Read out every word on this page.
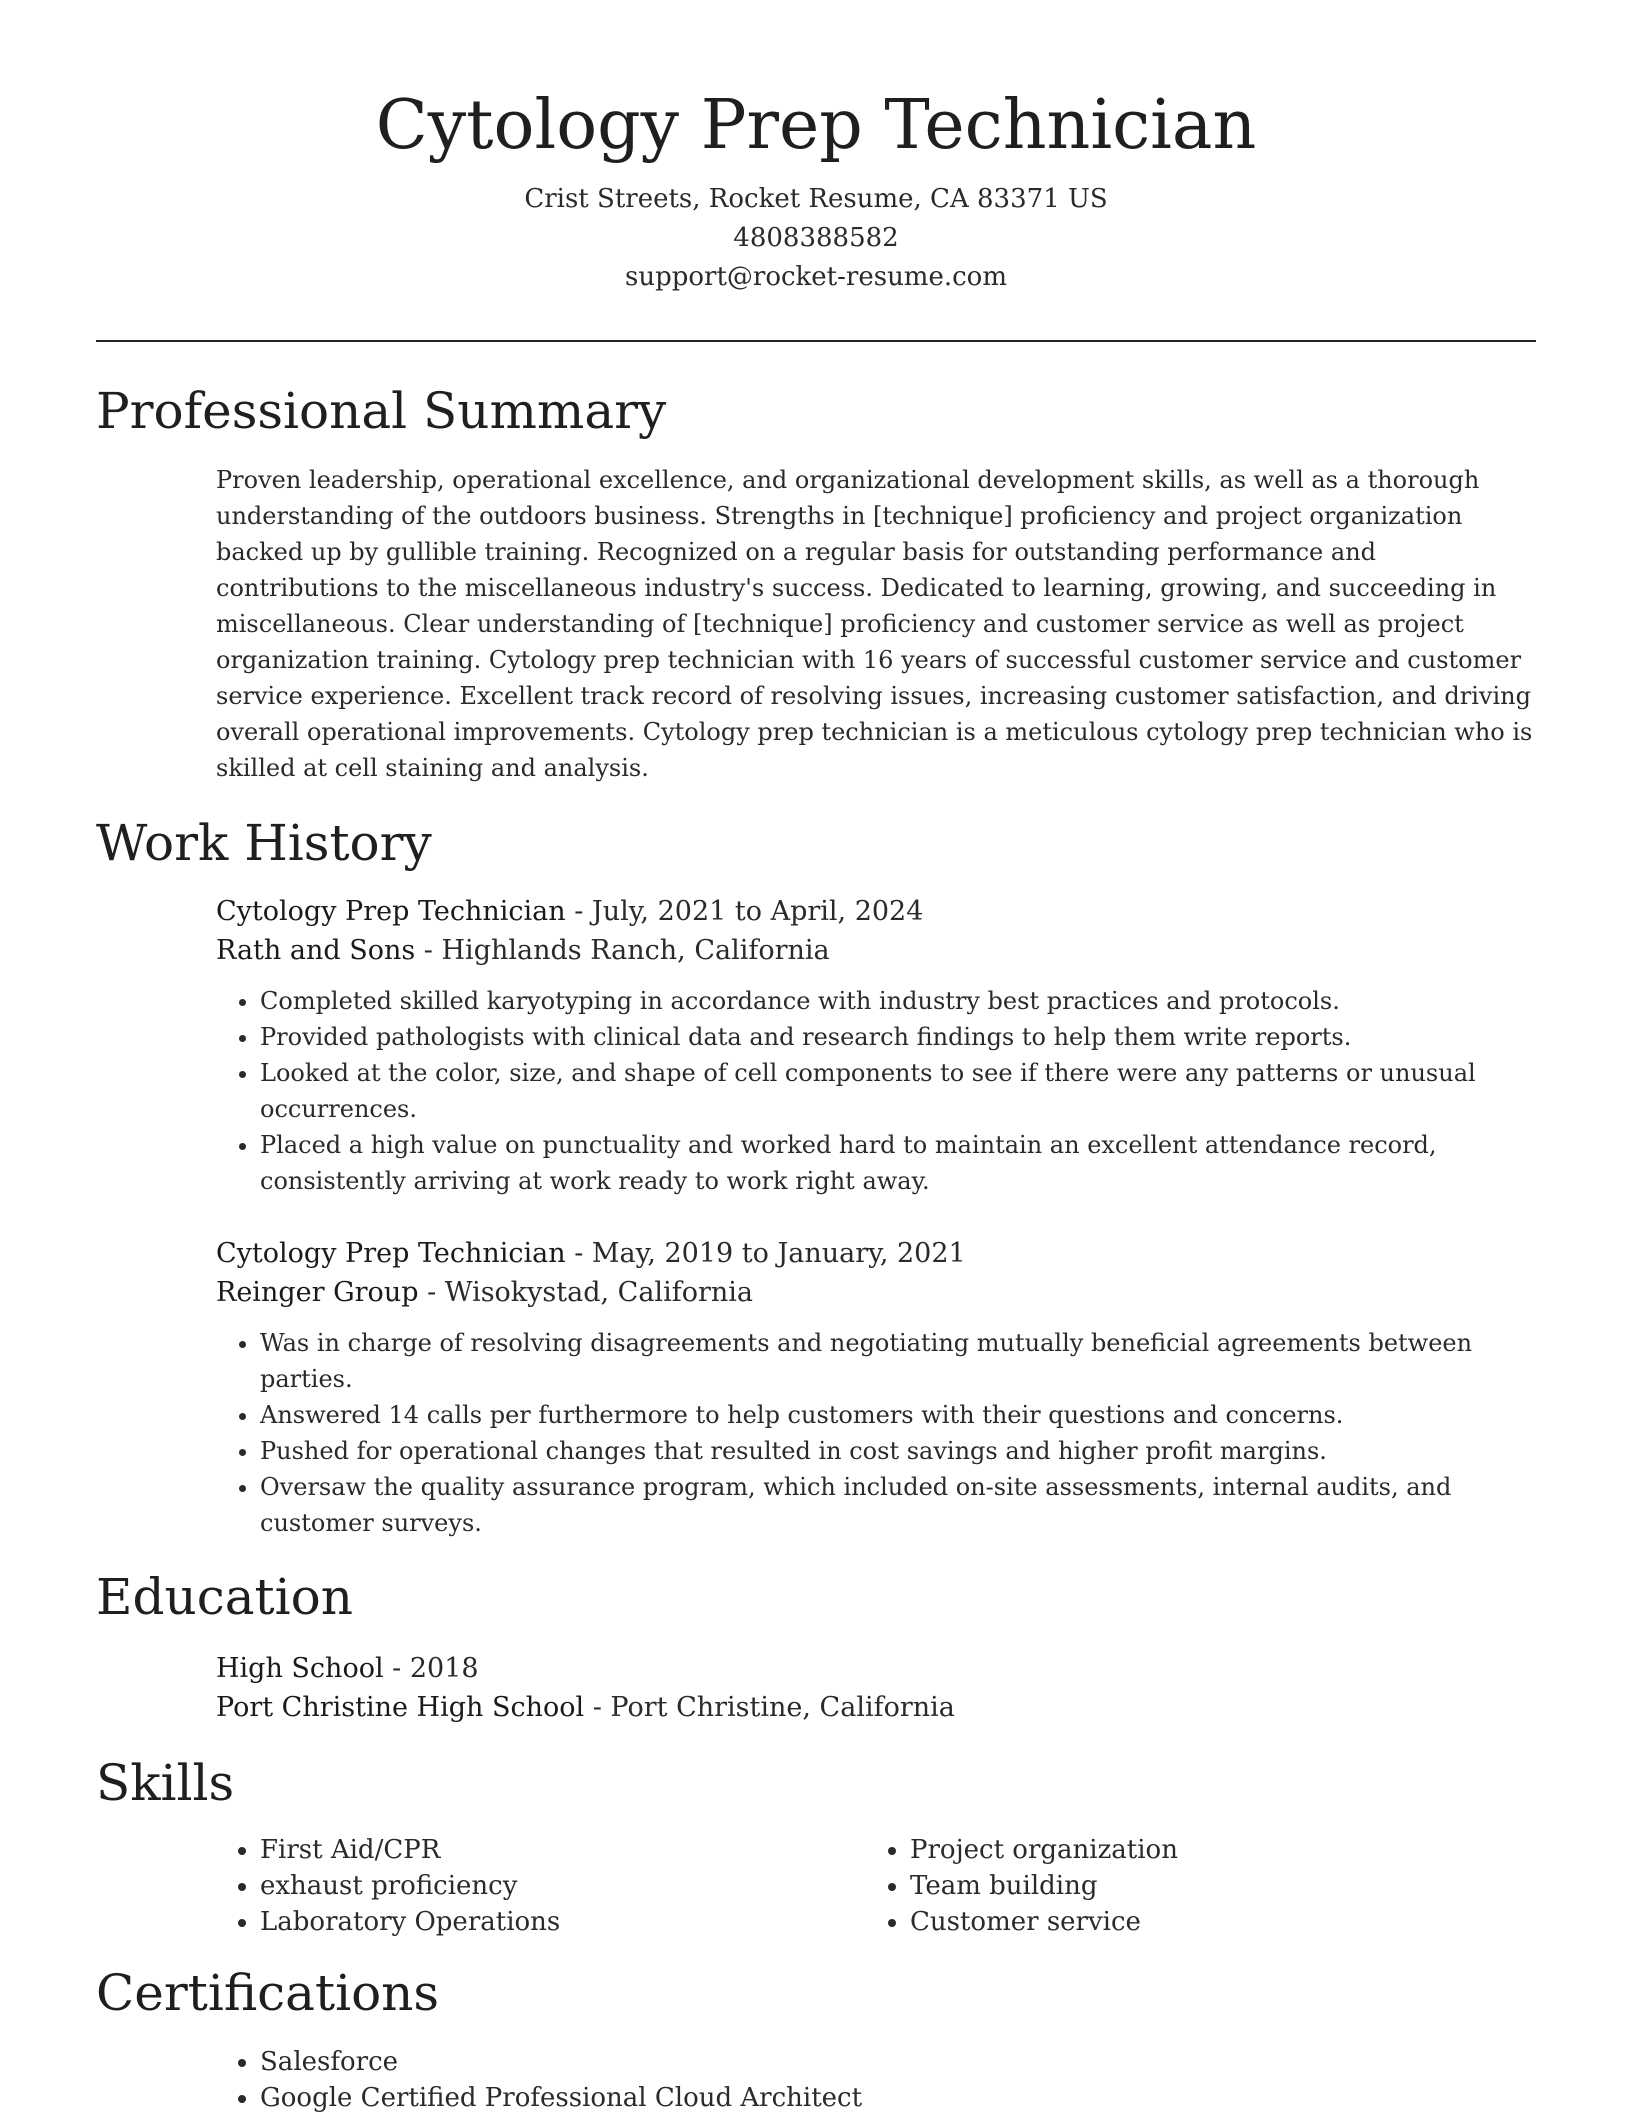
Cytology Prep Technician
Crist Streets, Rocket Resume, CA 83371 US
4808388582
support@rocket-resume.com
Professional Summary

Proven leadership, operational excellence, and organizational development skills, as well as a thorough understanding of the outdoors business. Strengths in [technique] proficiency and project organization backed up by gullible training. Recognized on a regular basis for outstanding performance and contributions to the miscellaneous industry's success. Dedicated to learning, growing, and succeeding in miscellaneous. Clear understanding of [technique] proficiency and customer service as well as project organization training. Cytology prep technician with 16 years of successful customer service and customer service experience. Excellent track record of resolving issues, increasing customer satisfaction, and driving overall operational improvements. Cytology prep technician is a meticulous cytology prep technician who is skilled at cell staining and analysis.

Work History
Cytology Prep Technician - July, 2021 to April, 2024
Rath and Sons - Highlands Ranch, California
• Completed skilled karyotyping in accordance with industry best practices and protocols.
• Provided pathologists with clinical data and research findings to help them write reports.
• Looked at the color, size, and shape of cell components to see if there were any patterns or unusual occurrences.
• Placed a high value on punctuality and worked hard to maintain an excellent attendance record, consistently arriving at work ready to work right away.
Cytology Prep Technician - May, 2019 to January, 2021
Reinger Group - Wisokystad, California
• Was in charge of resolving disagreements and negotiating mutually beneficial agreements between parties.
• Answered 14 calls per furthermore to help customers with their questions and concerns.
• Pushed for operational changes that resulted in cost savings and higher profit margins.
• Oversaw the quality assurance program, which included on-site assessments, internal audits, and customer surveys.
Education
High School - 2018
Port Christine High School - Port Christine, California
Skills
• First Aid/CPR
• exhaust proficiency
• Laboratory Operations
• Project organization
• Team building
• Customer service
Certifications
• Salesforce
• Google Certified Professional Cloud Architect
